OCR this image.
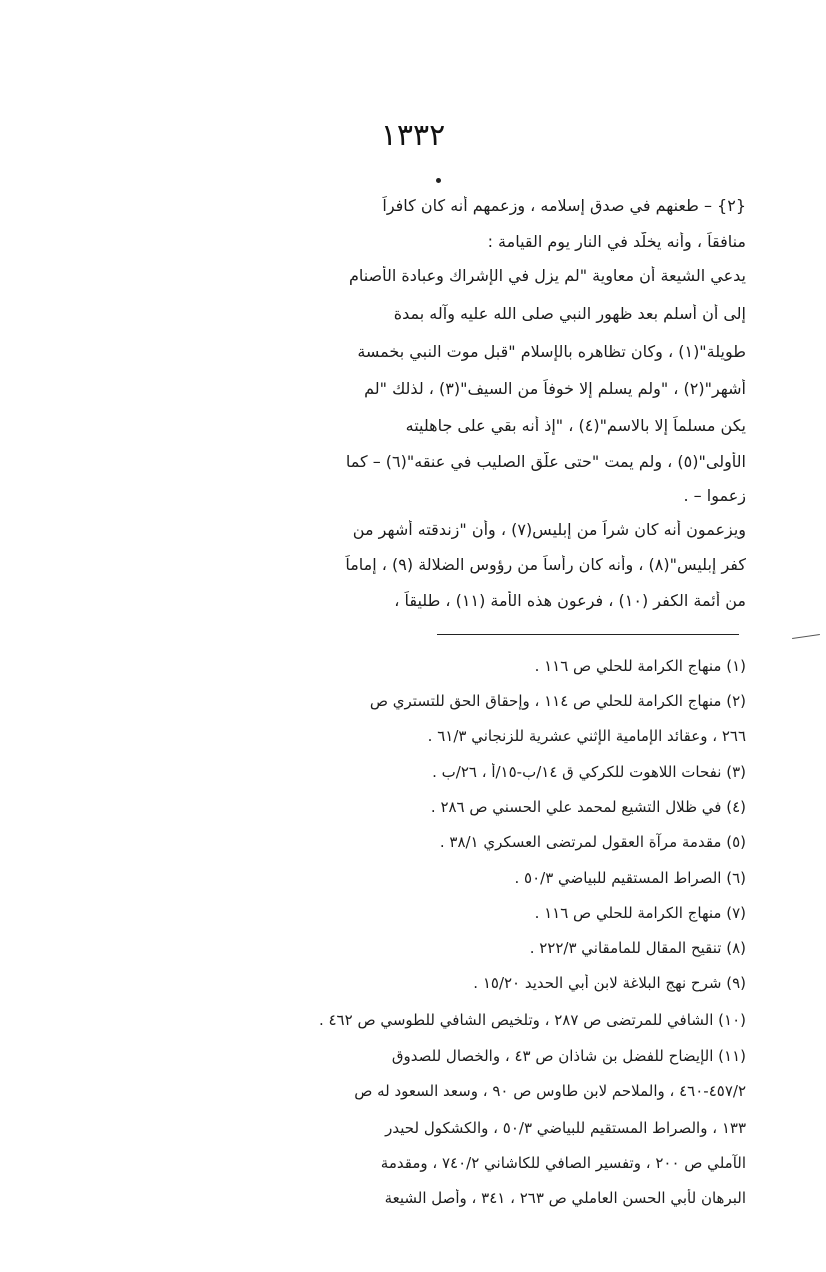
١٣٣٢
{٢} – طعنهم في صدق إسلامه ، وزعمهم أنه كان كافراً
منافقاً ، وأنه يخلّد في النار يوم القيامة :
يدعي الشيعة أن معاوية "لم يزل في الإشراك وعبادة الأصنام
إلى أن أسلم بعد ظهور النبي صلى الله عليه وآله بمدة
طويلة"(١) ، وكان تظاهره بالإسلام "قبل موت النبي بخمسة
أشهر"(٢) ، "ولم يسلم إلا خوفاً من السيف"(٣) ، لذلك "لم
يكن مسلماً إلا بالاسم"(٤) ، "إذ أنه بقي على جاهليته
الأولى"(٥) ، ولم يمت "حتى علّق الصليب في عنقه"(٦) – كما
زعموا – .
ويزعمون أنه كان شراً من إبليس(٧) ، وأن "زندقته أشهر من
كفر إبليس"(٨) ، وأنه كان رأساً من رؤوس الضلالة (٩) ، إماماً
من أئمة الكفر (١٠) ، فرعون هذه الأمة (١١) ، طليقاً ،
(١) منهاج الكرامة للحلي ص ١١٦ .
(٢) منهاج الكرامة للحلي ص ١١٤ ، وإحقاق الحق للتستري ص
٢٦٦ ، وعقائد الإمامية الإثني عشرية للزنجاني ٦١/٣ .
(٣) نفحات اللاهوت للكركي ق ١٤/ب-١٥/أ ، ٢٦/ب .
(٤) في ظلال التشيع لمحمد علي الحسني ص ٢٨٦ .
(٥) مقدمة مرآة العقول لمرتضى العسكري ٣٨/١ .
(٦) الصراط المستقيم للبياضي ٥٠/٣ .
(٧) منهاج الكرامة للحلي ص ١١٦ .
(٨) تنقيح المقال للمامقاني ٢٢٢/٣ .
(٩) شرح نهج البلاغة لابن أبي الحديد ١٥/٢٠ .
(١٠) الشافي للمرتضى ص ٢٨٧ ، وتلخيص الشافي للطوسي ص ٤٦٢ .
(١١) الإيضاح للفضل بن شاذان ص ٤٣ ، والخصال للصدوق
٤٥٧/٢-٤٦٠ ، والملاحم لابن طاوس ص ٩٠ ، وسعد السعود له ص
١٣٣ ، والصراط المستقيم للبياضي ٥٠/٣ ، والكشكول لحيدر
الآملي ص ٢٠٠ ، وتفسير الصافي للكاشاني ٧٤٠/٢ ، ومقدمة
البرهان لأبي الحسن العاملي ص ٢٦٣ ، ٣٤١ ، وأصل الشيعة
